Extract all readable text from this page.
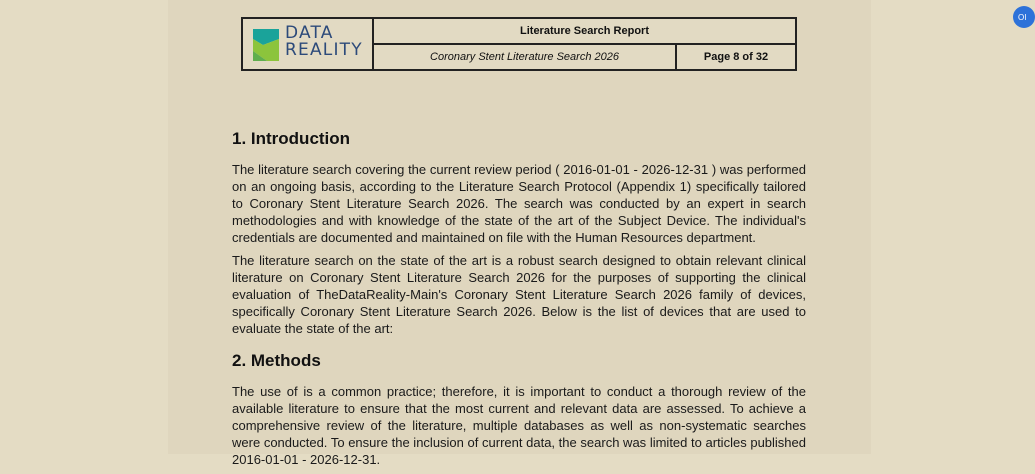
DATA
REALITY
Literature Search Report
Coronary Stent Literature Search 2026	Page 8 of 32
1. Introduction

The literature search covering the current review period ( 2016-01-01 - 2026-12-31 ) was performed on an ongoing basis, according to the Literature Search Protocol (Appendix 1) specifically tailored to Coronary Stent Literature Search 2026. The search was conducted by an expert in search methodologies and with knowledge of the state of the art of the Subject Device. The individual's credentials are documented and maintained on file with the Human Resources department.

The literature search on the state of the art is a robust search designed to obtain relevant clinical literature on Coronary Stent Literature Search 2026 for the purposes of supporting the clinical evaluation of TheDataReality-Main's Coronary Stent Literature Search 2026 family of devices, specifically Coronary Stent Literature Search 2026. Below is the list of devices that are used to evaluate the state of the art:

2. Methods

The use of is a common practice; therefore, it is important to conduct a thorough review of the available literature to ensure that the most current and relevant data are assessed. To achieve a comprehensive review of the literature, multiple databases as well as non-systematic searches were conducted. To ensure the inclusion of current data, the search was limited to articles published 2016-01-01 - 2026-12-31.

OI
